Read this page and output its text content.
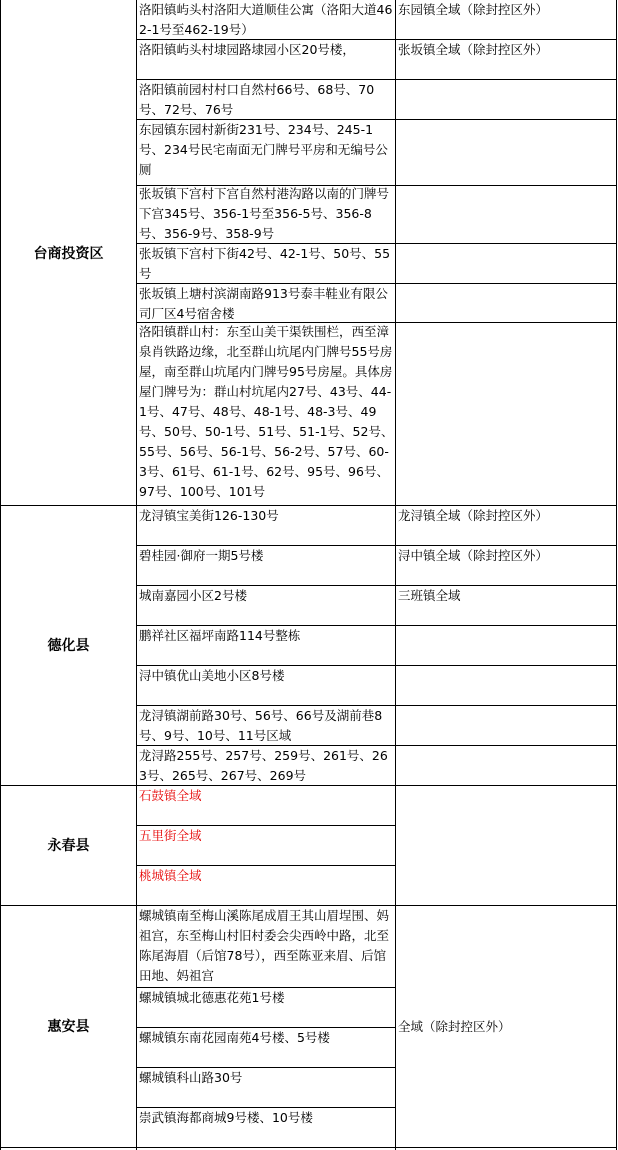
台商投资区
德化县
永春县
惠安县
洛阳镇屿头村洛阳大道顺佳公寓（洛阳大道462-1号至462-19号）
洛阳镇屿头村埭园路埭园小区20号楼，
洛阳镇前园村村口自然村66号、68号、70号、72号、76号
东园镇东园村新街231号、234号、245-1号、234号民宅南面无门牌号平房和无编号公厕
张坂镇下宫村下宫自然村港沟路以南的门牌号下宫345号、356-1号至356-5号、356-8号、356-9号、358-9号
张坂镇下宫村下街42号、42-1号、50号、55号
张坂镇上塘村滨湖南路913号泰丰鞋业有限公司厂区4号宿舍楼
洛阳镇群山村：东至山美干渠铁围栏，西至漳泉肖铁路边缘，北至群山坑尾内门牌号55号房屋，南至群山坑尾内门牌号95号房屋。具体房屋门牌号为：群山村坑尾内27号、43号、44-1号、47号、48号、48-1号、48-3号、49号、50号、50-1号、51号、51-1号、52号、55号、56号、56-1号、56-2号、57号、60-3号、61号、61-1号、62号、95号、96号、97号、100号、101号
东园镇全域（除封控区外）
张坂镇全域（除封控区外）
龙浔镇宝美街126-130号
碧桂园·御府一期5号楼
城南嘉园小区2号楼
鹏祥社区福坪南路114号整栋
浔中镇优山美地小区8号楼
龙浔镇湖前路30号、56号、66号及湖前巷8号、9号、10号、11号区域
龙浔路255号、257号、259号、261号、263号、265号、267号、269号
龙浔镇全域（除封控区外）
浔中镇全域（除封控区外）
三班镇全域
石鼓镇全域
五里街全域
桃城镇全域
螺城镇南至梅山溪陈尾成眉王其山眉埕围、妈祖宫，东至梅山村旧村委会尖西岭中路，北至陈尾海眉（后馆78号），西至陈亚来眉、后馆田地、妈祖宫
螺城镇城北德惠花苑1号楼
螺城镇东南花园南苑4号楼、5号楼
螺城镇科山路30号
崇武镇海都商城9号楼、10号楼
全域（除封控区外）
